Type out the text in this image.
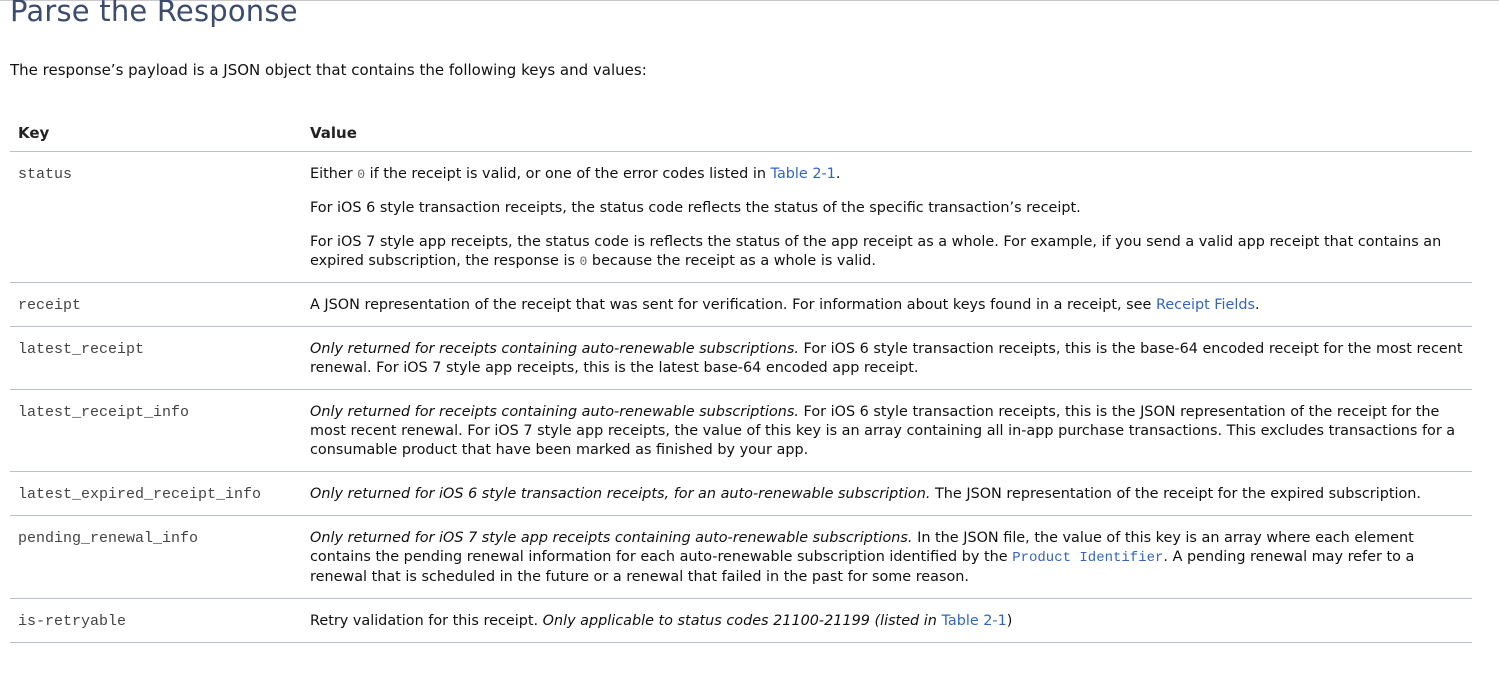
Parse the Response

The response’s payload is a JSON object that contains the following keys and values:

Key	Value
status	Either 0 if the receipt is valid, or one of the error codes listed in Table 2-1.

For iOS 6 style transaction receipts, the status code reflects the status of the specific transaction’s receipt.

For iOS 7 style app receipts, the status code is reflects the status of the app receipt as a whole. For example, if you send a valid app receipt that contains an expired subscription, the response is 0 because the receipt as a whole is valid.

receipt	A JSON representation of the receipt that was sent for verification. For information about keys found in a receipt, see Receipt Fields.
latest_receipt	Only returned for receipts containing auto-renewable subscriptions. For iOS 6 style transaction receipts, this is the base-64 encoded receipt for the most recent renewal. For iOS 7 style app receipts, this is the latest base-64 encoded app receipt.
latest_receipt_info	Only returned for receipts containing auto-renewable subscriptions. For iOS 6 style transaction receipts, this is the JSON representation of the receipt for the most recent renewal. For iOS 7 style app receipts, the value of this key is an array containing all in-app purchase transactions. This excludes transactions for a consumable product that have been marked as finished by your app.
latest_expired_receipt_info	Only returned for iOS 6 style transaction receipts, for an auto-renewable subscription. The JSON representation of the receipt for the expired subscription.
pending_renewal_info	Only returned for iOS 7 style app receipts containing auto-renewable subscriptions. In the JSON file, the value of this key is an array where each element contains the pending renewal information for each auto-renewable subscription identified by the Product Identifier. A pending renewal may refer to a renewal that is scheduled in the future or a renewal that failed in the past for some reason.
is-retryable	Retry validation for this receipt. Only applicable to status codes 21100-21199 (listed in Table 2-1)
